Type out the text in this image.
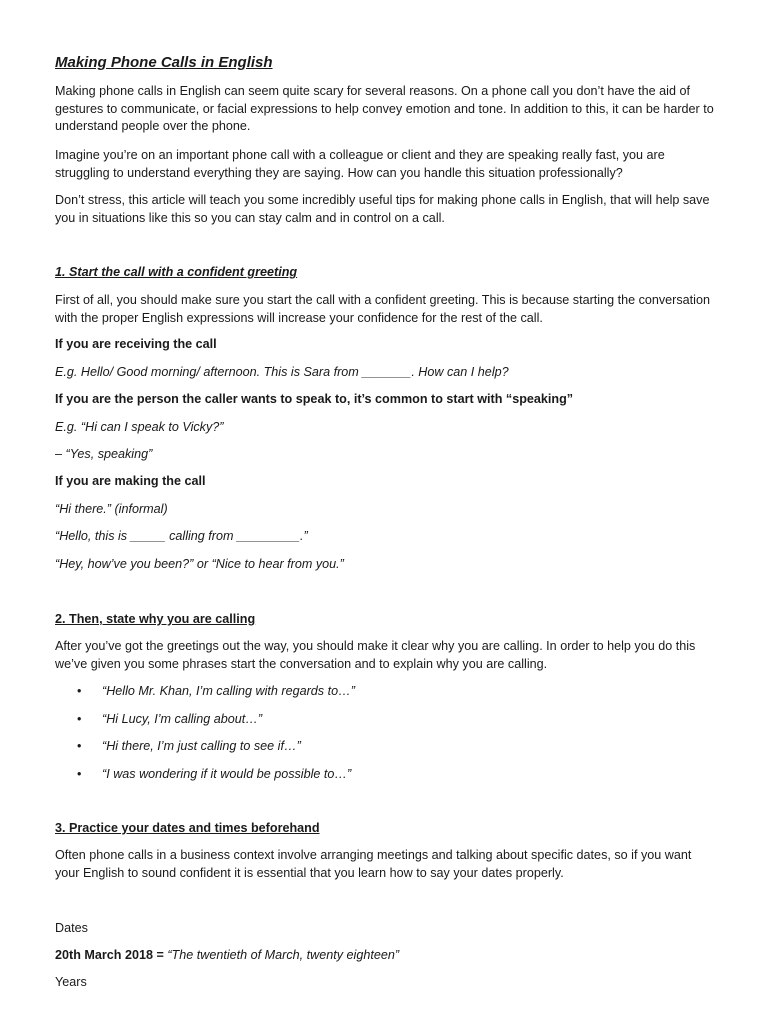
Making Phone Calls in English

Making phone calls in English can seem quite scary for several reasons. On a phone call you don’t have the aid of gestures to communicate, or facial expressions to help convey emotion and tone. In addition to this, it can be harder to understand people over the phone.

Imagine you’re on an important phone call with a colleague or client and they are speaking really fast, you are struggling to understand everything they are saying. How can you handle this situation professionally?

Don’t stress, this article will teach you some incredibly useful tips for making phone calls in English, that will help save you in situations like this so you can stay calm and in control on a call.

1. Start the call with a confident greeting

First of all, you should make sure you start the call with a confident greeting. This is because starting the conversation with the proper English expressions will increase your confidence for the rest of the call.

If you are receiving the call

E.g. Hello/ Good morning/ afternoon. This is Sara from _______. How can I help?

If you are the person the caller wants to speak to, it’s common to start with “speaking”

E.g. “Hi can I speak to Vicky?”

– “Yes, speaking”

If you are making the call

“Hi there.” (informal)

“Hello, this is _____ calling from _________.”

“Hey, how’ve you been?” or “Nice to hear from you.”

2. Then, state why you are calling

After you’ve got the greetings out the way, you should make it clear why you are calling. In order to help you do this we’ve given you some phrases start the conversation and to explain why you are calling.

• “Hello Mr. Khan, I’m calling with regards to…”
• “Hi Lucy, I’m calling about…”
• “Hi there, I’m just calling to see if…”
• “I was wondering if it would be possible to…”

3. Practice your dates and times beforehand

Often phone calls in a business context involve arranging meetings and talking about specific dates, so if you want your English to sound confident it is essential that you learn how to say your dates properly.

Dates

20th March 2018 = “The twentieth of March, twenty eighteen”

Years
